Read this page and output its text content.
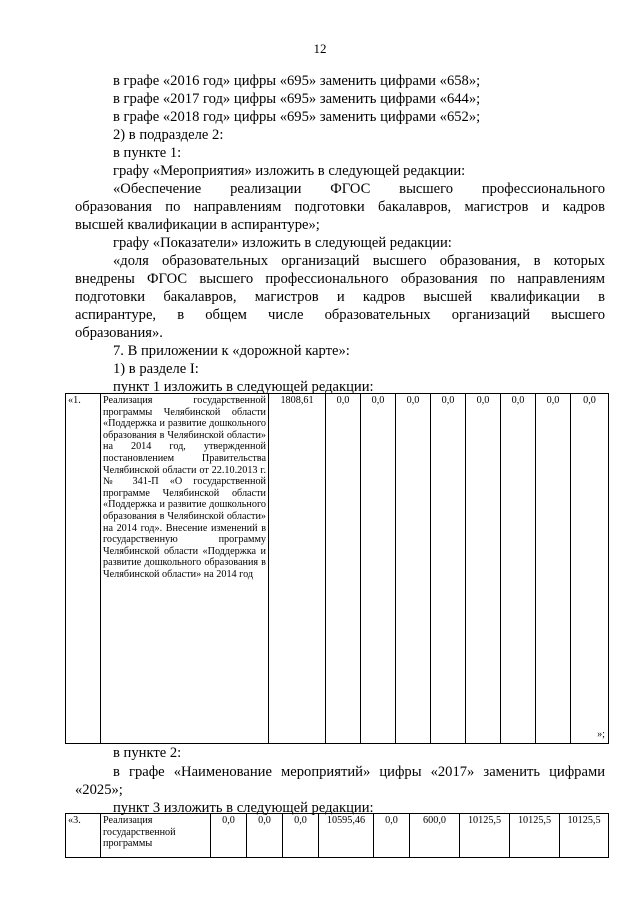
12
в графе «2016 год» цифры «695» заменить цифрами «658»;
в графе «2017 год» цифры «695» заменить цифрами «644»;
в графе «2018 год» цифры «695» заменить цифрами «652»;
2) в подразделе 2:
в пункте 1:
графу «Мероприятия» изложить в следующей редакции:
«Обеспечение реализации ФГОС высшего профессионального
образования по направлениям подготовки бакалавров, магистров и кадров
высшей квалификации в аспирантуре»;
графу «Показатели» изложить в следующей редакции:
«доля образовательных организаций высшего образования, в которых
внедрены ФГОС высшего профессионального образования по направлениям
подготовки бакалавров, магистров и кадров высшей квалификации в
аспирантуре, в общем числе образовательных организаций высшего
образования».
7. В приложении к «дорожной карте»:
1) в разделе I:
пункт 1 изложить в следующей редакции:
«1.	Реализация государственной программы Челябинской области «Поддержка и развитие дошкольного образования в Челябинской области» на 2014 год, утвержденной постановлением Правительства Челябинской области от 22.10.2013 г. № 341-П «О государственной программе Челябинской области «Поддержка и развитие дошкольного образования в Челябинской области» на 2014 год». Внесение изменений в государственную программу Челябинской области «Поддержка и развитие дошкольного образования в Челябинской области» на 2014 год	1808,61	0,0	0,0	0,0	0,0	0,0	0,0	0,0	0,0
»;
в пункте 2:
в графе «Наименование мероприятий» цифры «2017» заменить цифрами
«2025»;
пункт 3 изложить в следующей редакции:
«3.	Реализация государственной программы	0,0	0,0	0,0	10595,46	0,0	600,0	10125,5	10125,5	10125,5
